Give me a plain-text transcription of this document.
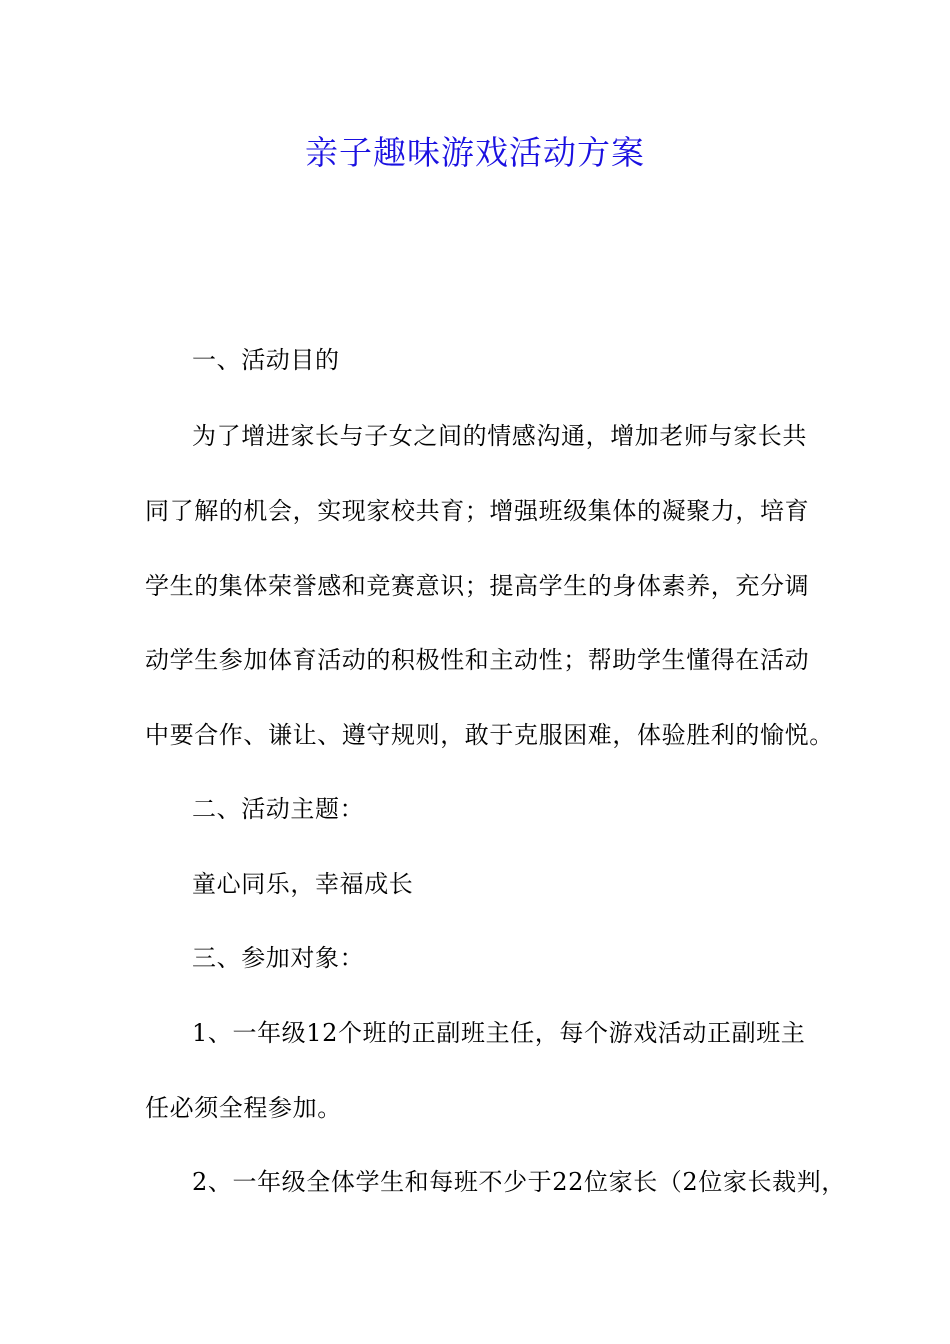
亲子趣味游戏活动方案
一、活动目的
为了增进家长与子女之间的情感沟通，增加老师与家长共
同了解的机会，实现家校共育；增强班级集体的凝聚力，培育
学生的集体荣誉感和竞赛意识；提高学生的身体素养，充分调
动学生参加体育活动的积极性和主动性；帮助学生懂得在活动
中要合作、谦让、遵守规则，敢于克服困难，体验胜利的愉悦。
二、活动主题：
童心同乐，幸福成长
三、参加对象：
1、一年级12个班的正副班主任，每个游戏活动正副班主
任必须全程参加。
2、一年级全体学生和每班不少于22位家长（2位家长裁判，
